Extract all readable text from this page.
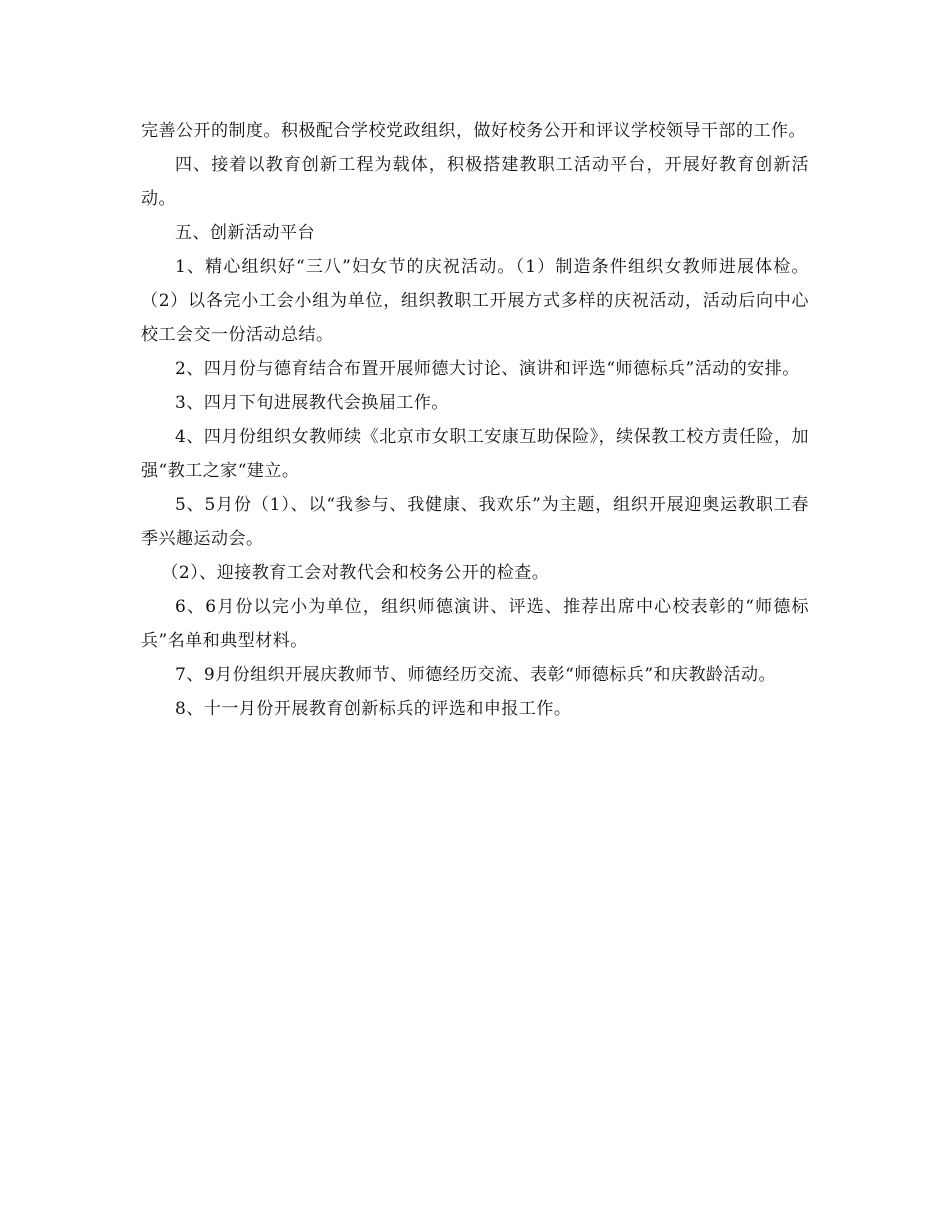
完善公开的制度。积极配合学校党政组织，做好校务公开和评议学校领导干部的工作。

四、接着以教育创新工程为载体，积极搭建教职工活动平台，开展好教育创新活动。

五、创新活动平台

1、精心组织好“三八”妇女节的庆祝活动。（1）制造条件组织女教师进展体检。（2）以各完小工会小组为单位，组织教职工开展方式多样的庆祝活动，活动后向中心校工会交一份活动总结。

2、四月份与德育结合布置开展师德大讨论、演讲和评选“师德标兵”活动的安排。

3、四月下旬进展教代会换届工作。

4、四月份组织女教师续《北京市女职工安康互助保险》，续保教工校方责任险，加强“教工之家“建立。

5、5月份（1）、以“我参与、我健康、我欢乐”为主题，组织开展迎奥运教职工春季兴趣运动会。

（2）、迎接教育工会对教代会和校务公开的检查。

6、6月份以完小为单位，组织师德演讲、评选、推荐出席中心校表彰的“师德标兵”名单和典型材料。

7、9月份组织开展庆教师节、师德经历交流、表彰“师德标兵”和庆教龄活动。

8、十一月份开展教育创新标兵的评选和申报工作。
